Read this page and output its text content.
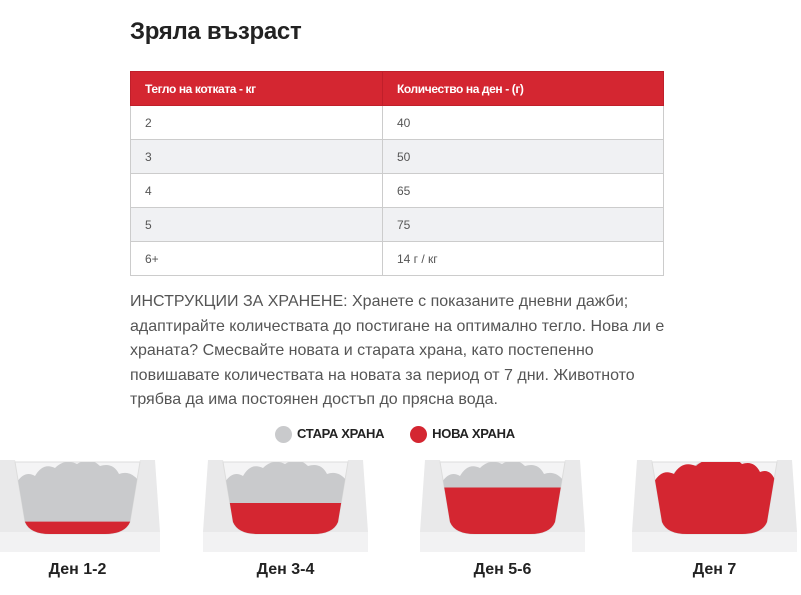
Зряла възраст
Тегло на котката - кг	Количество на ден - (г)
2	40
3	50
4	65
5	75
6+	14 г / кг
ИНСТРУКЦИИ ЗА ХРАНЕНЕ: Хранете с показаните дневни дажби; адаптирайте количествата до постигане на оптимално тегло. Нова ли е храната? Смесвайте новата и старата храна, като постепенно повишавате количествата на новата за период от 7 дни. Животното трябва да има постоянен достъп до прясна вода.
СТАРА ХРАНА	НОВА ХРАНА
Ден 1-2	Ден 3-4	Ден 5-6	Ден 7
